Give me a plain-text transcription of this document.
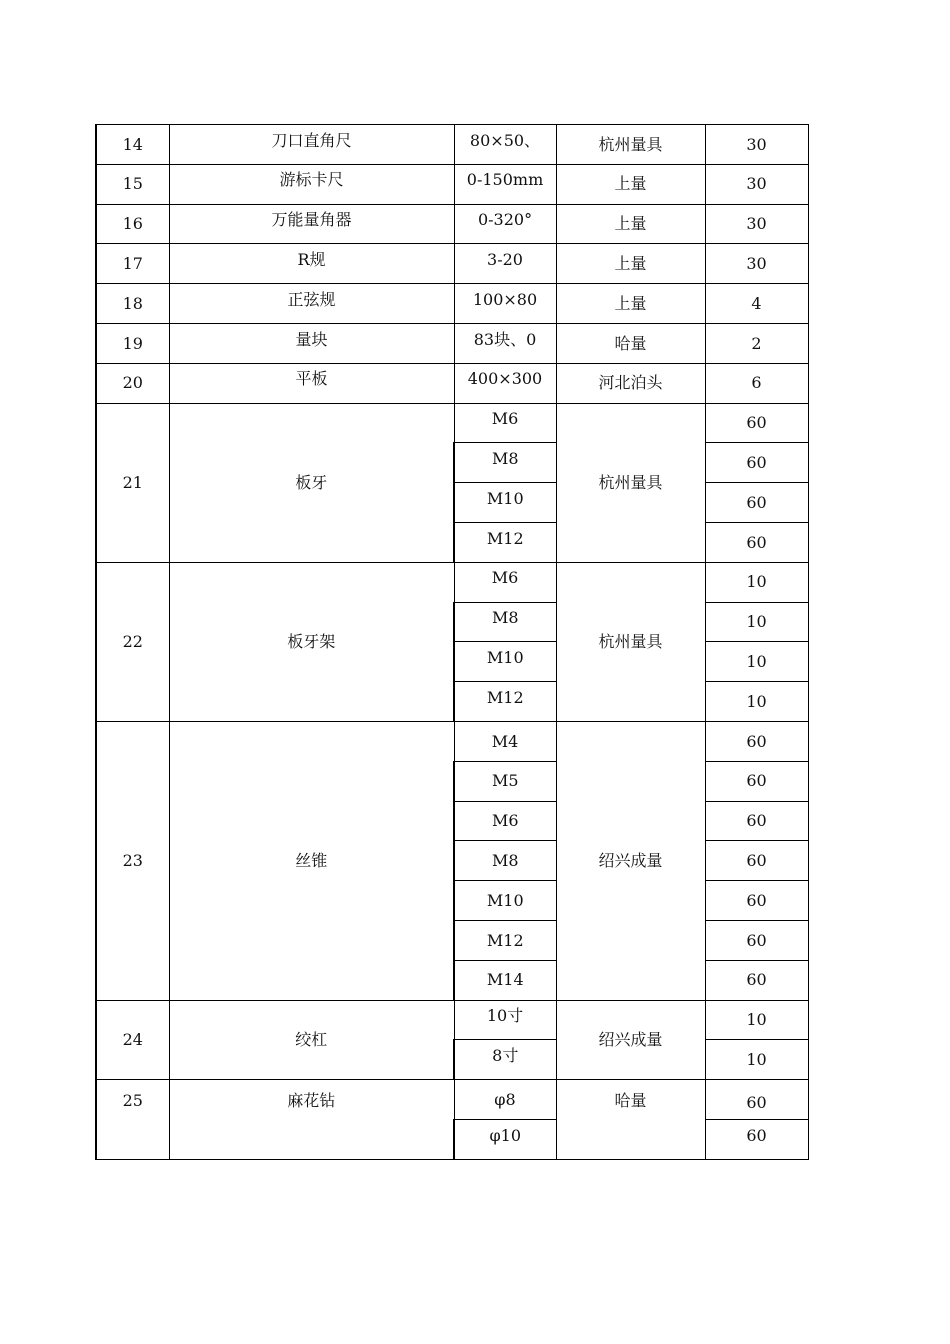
14	刀口直角尺	80×50、	杭州量具	30
15	游标卡尺	0-150mm	上量	30
16	万能量角器	0-320°	上量	30
17	R规	3-20	上量	30
18	正弦规	100×80	上量	4
19	量块	83块、0	哈量	2
20	平板	400×300	河北泊头	6
21	板牙	M6	杭州量具	60
		M8		60
		M10		60
		M12		60
22	板牙架	M6	杭州量具	10
		M8		10
		M10		10
		M12		10
23	丝锥	M4	绍兴成量	60
		M5		60
		M6		60
		M8		60
		M10		60
		M12		60
		M14		60
24	绞杠	10寸	绍兴成量	10
		8寸		10
25	麻花钻	φ8	哈量	60
		φ10		60
